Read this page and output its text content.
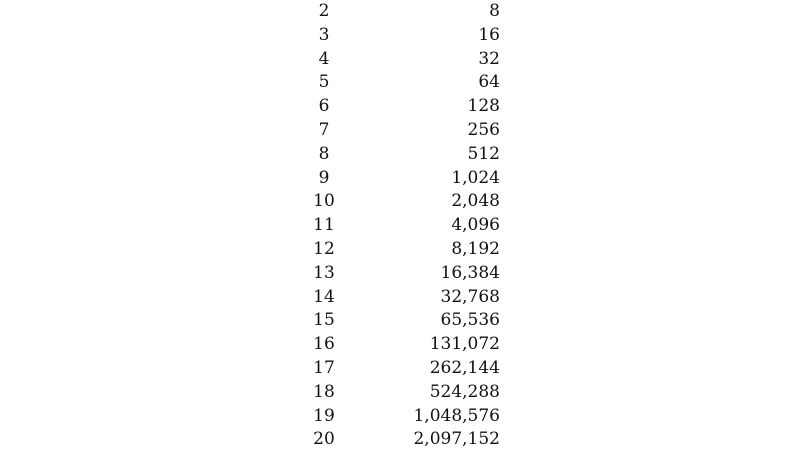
2	8
3	16
4	32
5	64
6	128
7	256
8	512
9	1,024
10	2,048
11	4,096
12	8,192
13	16,384
14	32,768
15	65,536
16	131,072
17	262,144
18	524,288
19	1,048,576
20	2,097,152
